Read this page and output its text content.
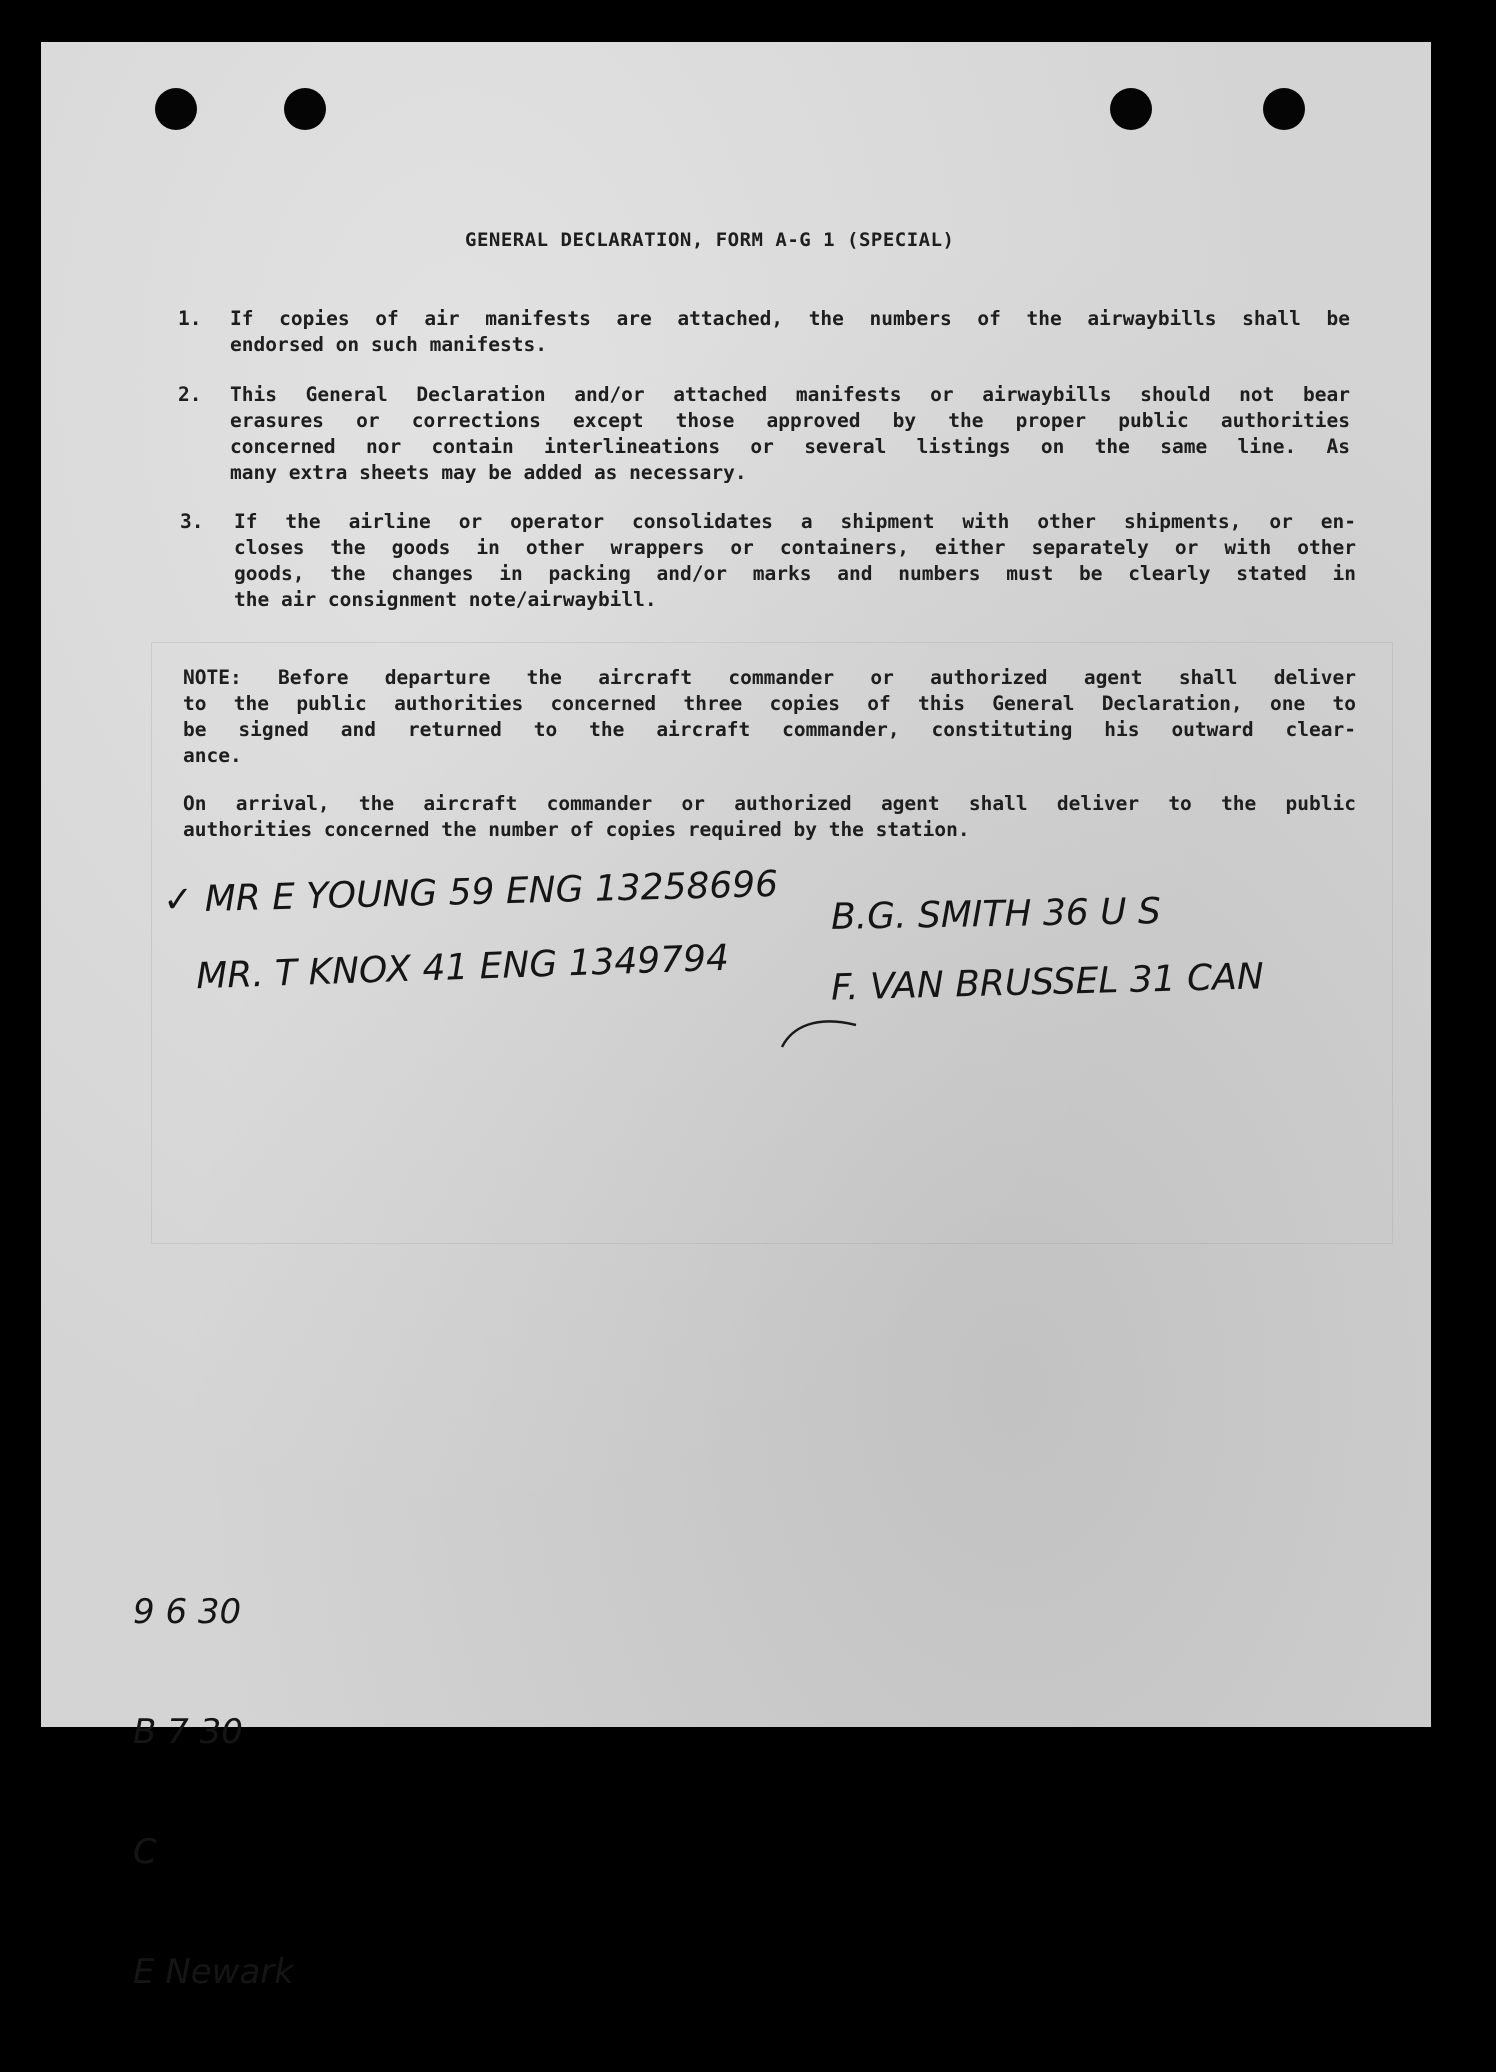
GENERAL DECLARATION, FORM A-G 1 (SPECIAL)
1. If copies of air manifests are attached, the numbers of the airwaybills shall be
endorsed on such manifests.
2. This General Declaration and/or attached manifests or airwaybills should not bear
erasures or corrections except those approved by the proper public authorities
concerned nor contain interlineations or several listings on the same line. As
many extra sheets may be added as necessary.
3. If the airline or operator consolidates a shipment with other shipments, or en-
closes the goods in other wrappers or containers, either separately or with other
goods, the changes in packing and/or marks and numbers must be clearly stated in
the air consignment note/airwaybill.
NOTE: Before departure the aircraft commander or authorized agent shall deliver
to the public authorities concerned three copies of this General Declaration, one to
be signed and returned to the aircraft commander, constituting his outward clear-
ance.
On arrival, the aircraft commander or authorized agent shall deliver to the public
authorities concerned the number of copies required by the station.
✓ MR E YOUNG 59 ENG 13258696 B.G. SMITH 36 U S
MR. T KNOX 41 ENG 1349794	F. VAN BRUSSEL 31 CAN

9 6 30

B 7 30

C

E Newark
